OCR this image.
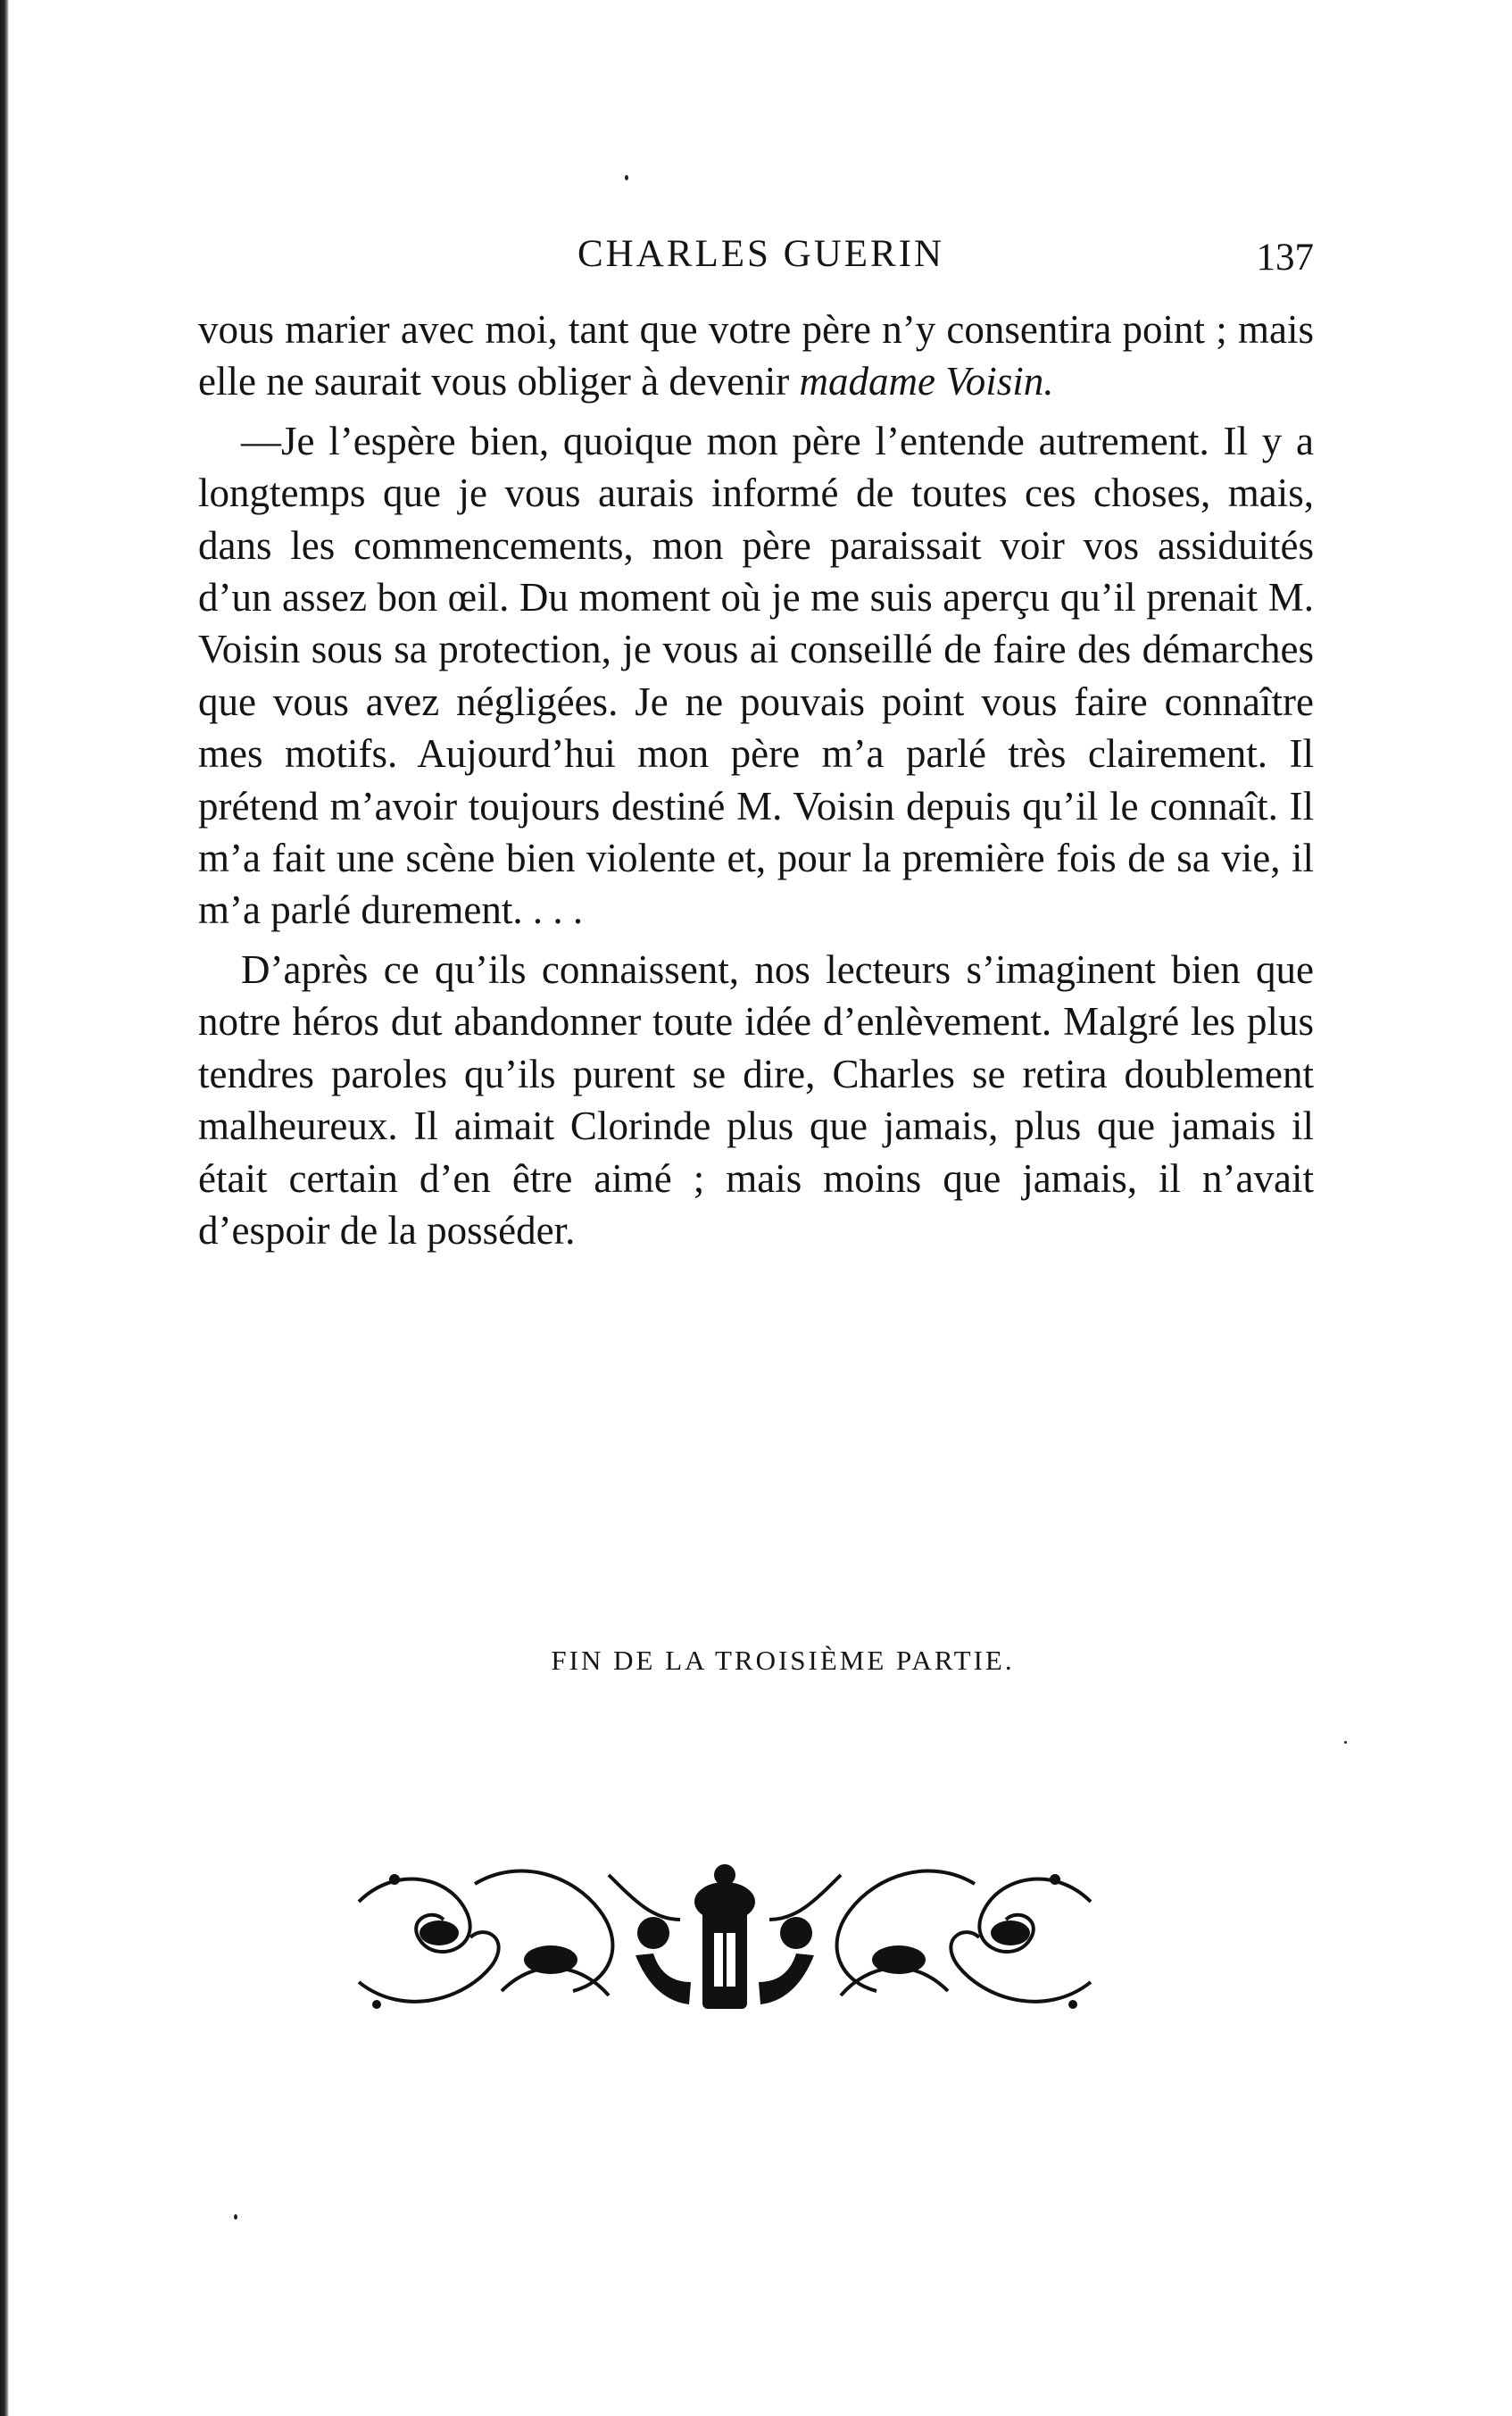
CHARLES GUERIN	137

vous marier avec moi, tant que votre père n’y consentira point ; mais elle ne saurait vous obliger à devenir madame Voisin.

—Je l’espère bien, quoique mon père l’entende autrement. Il y a longtemps que je vous aurais informé de toutes ces choses, mais, dans les commencements, mon père paraissait voir vos assiduités d’un assez bon œil. Du moment où je me suis aperçu qu’il prenait M. Voisin sous sa protection, je vous ai conseillé de faire des démarches que vous avez négligées. Je ne pouvais point vous faire connaître mes motifs. Aujourd’hui mon père m’a parlé très clairement. Il prétend m’avoir toujours destiné M. Voisin depuis qu’il le connaît. Il m’a fait une scène bien violente et, pour la première fois de sa vie, il m’a parlé durement. . . .

D’après ce qu’ils connaissent, nos lecteurs s’imaginent bien que notre héros dut abandonner toute idée d’enlèvement. Malgré les plus tendres paroles qu’ils purent se dire, Charles se retira doublement malheureux. Il aimait Clorinde plus que jamais, plus que jamais il était certain d’en être aimé ; mais moins que jamais, il n’avait d’espoir de la posséder.

FIN DE LA TROISIÈME PARTIE.
